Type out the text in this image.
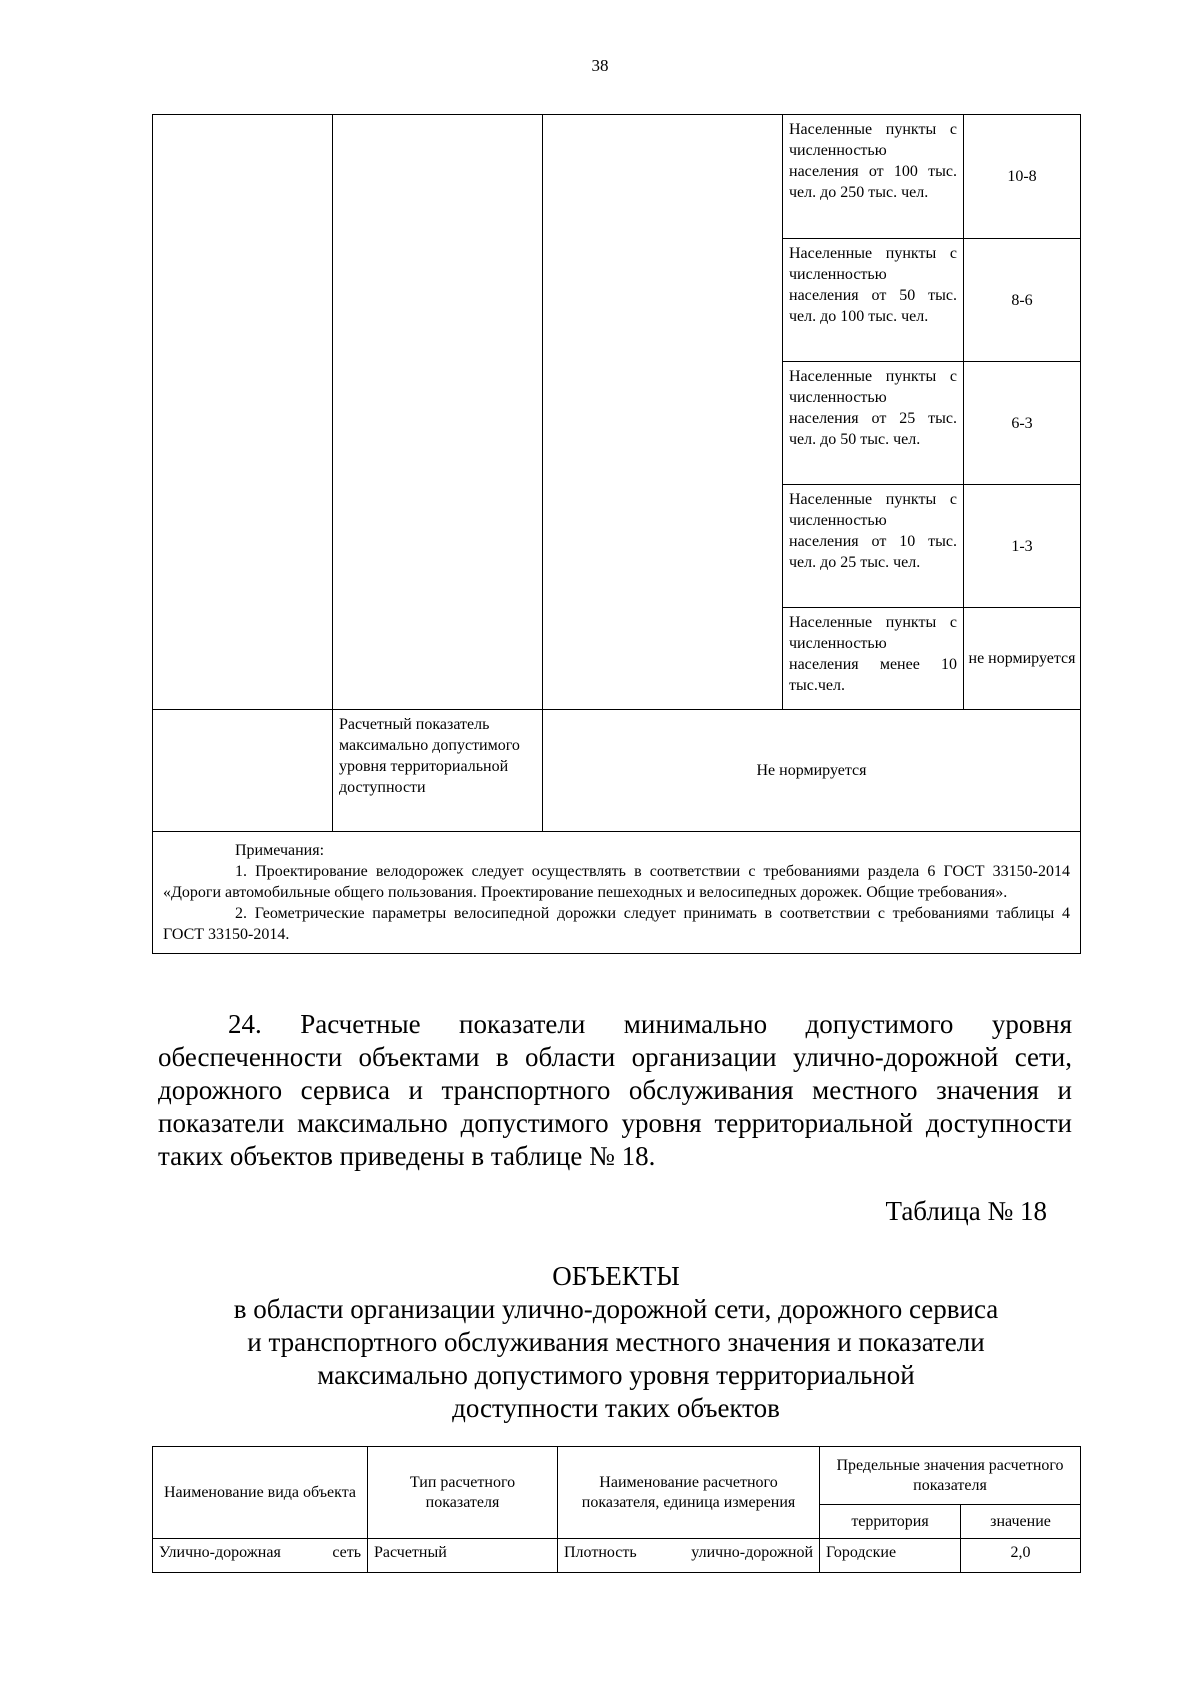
38
			Населенные пункты с численностью населения от 100 тыс. чел. до 250 тыс. чел.	10-8
			Населенные пункты с численностью населения от 50 тыс. чел. до 100 тыс. чел.	8-6
			Населенные пункты с численностью населения от 25 тыс. чел. до 50 тыс. чел.	6-3
			Населенные пункты с численностью населения от 10 тыс. чел. до 25 тыс. чел.	1-3
			Населенные пункты с численностью населения менее 10 тыс.чел.	не нормируется
	Расчетный показатель максимально допустимого уровня территориальной доступности	Не нормируется		

Примечания:

1. Проектирование велодорожек следует осуществлять в соответствии с требованиями раздела 6 ГОСТ 33150-2014 «Дороги автомобильные общего пользования. Проектирование пешеходных и велосипедных дорожек. Общие требования».

2. Геометрические параметры велосипедной дорожки следует принимать в соответствии с требованиями таблицы 4 ГОСТ 33150-2014.				

24. Расчетные показатели минимально допустимого уровня обеспеченности объектами в области организации улично-дорожной сети, дорожного сервиса и транспортного обслуживания местного значения и показатели максимально допустимого уровня территориальной доступности таких объектов приведены в таблице № 18.

Таблица № 18
ОБЪЕКТЫ
в области организации улично-дорожной сети, дорожного сервиса
и транспортного обслуживания местного значения и показатели
максимально допустимого уровня территориальной
доступности таких объектов
Наименование вида объекта	Тип расчетного показателя	Наименование расчетного показателя, единица измерения	Предельные значения расчетного показателя	
			территория	значение
Улично-дорожная сеть	Расчетный	Плотность улично-дорожной	Городские	2,0
